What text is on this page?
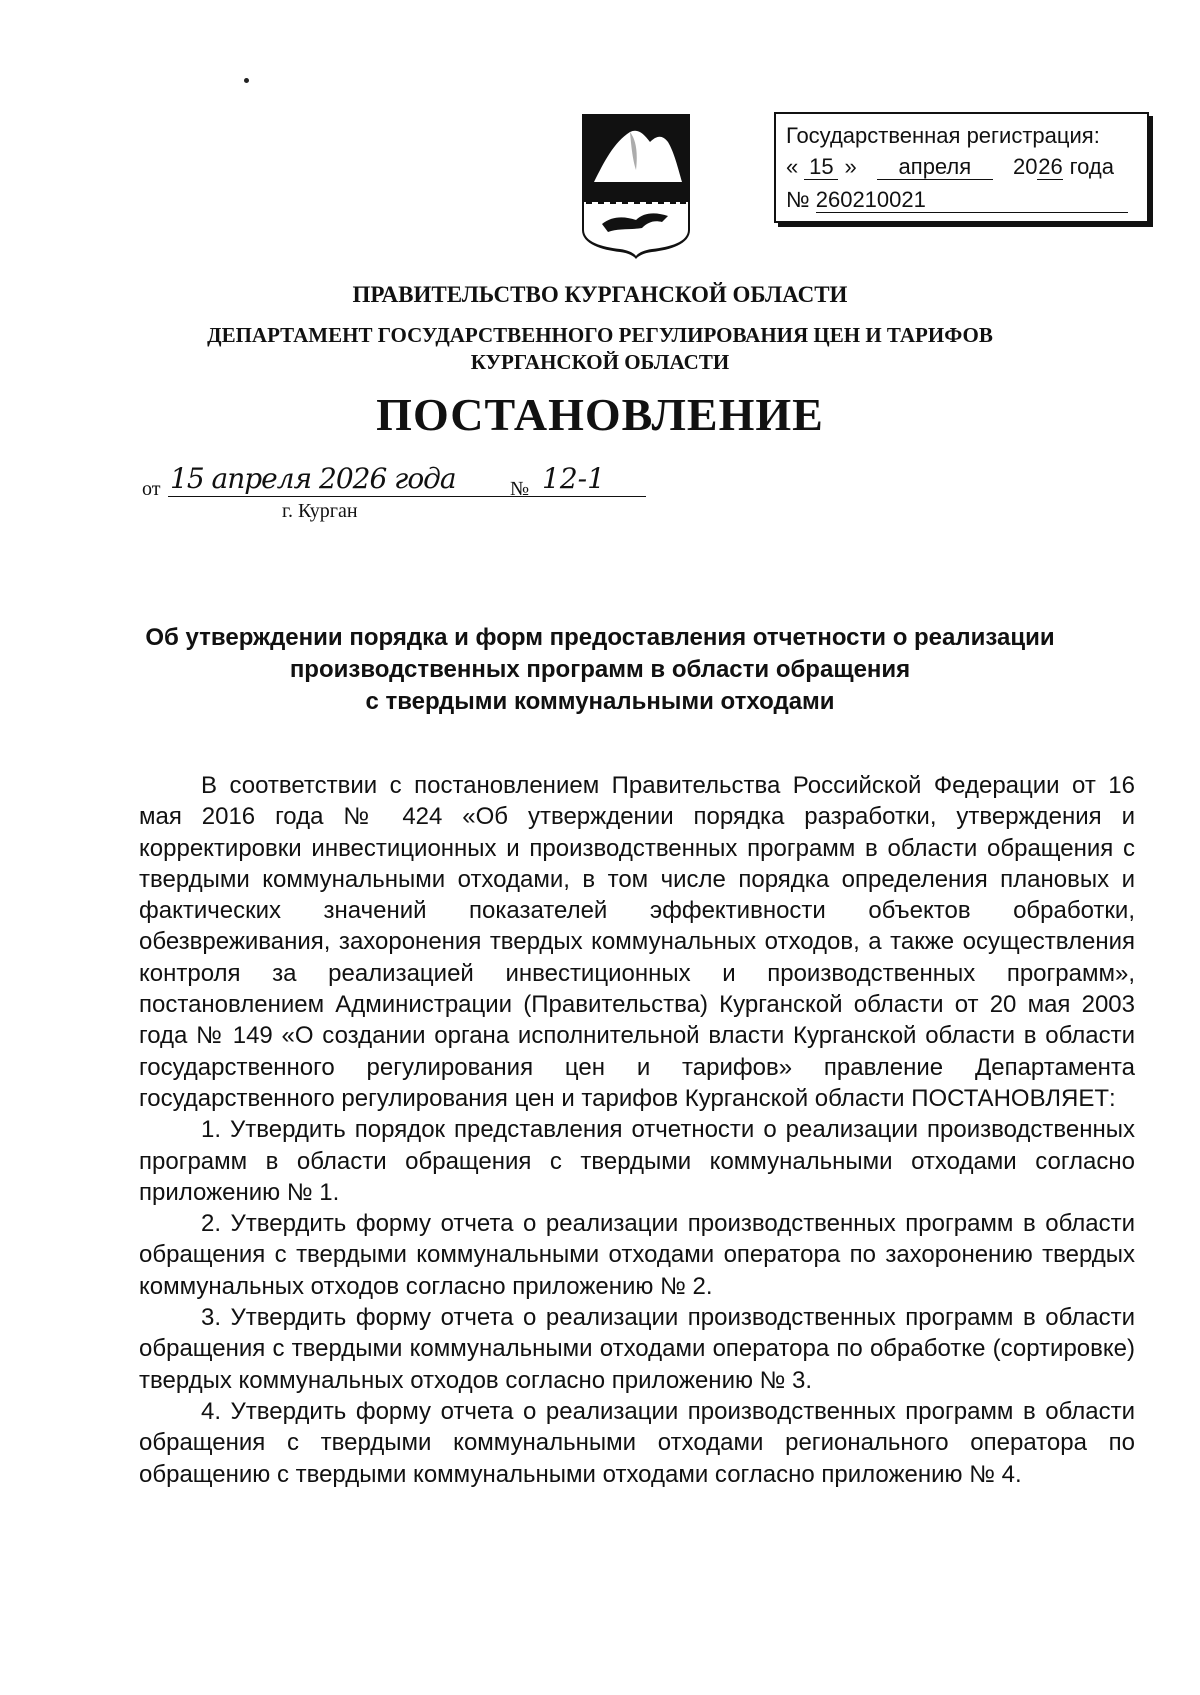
Государственная регистрация:
« 15 » апреля 2026 года
№ 260210021
ПРАВИТЕЛЬСТВО КУРГАНСКОЙ ОБЛАСТИ
ДЕПАРТАМЕНТ ГОСУДАРСТВЕННОГО РЕГУЛИРОВАНИЯ ЦЕН И ТАРИФОВ
КУРГАНСКОЙ ОБЛАСТИ
ПОСТАНОВЛЕНИЕ
от 15 апреля 2026 года	№ 12-1
г. Курган
Об утверждении порядка и форм предоставления отчетности о реализации
производственных программ в области обращения
с твердыми коммунальными отходами

В соответствии с постановлением Правительства Российской Федерации от 16 мая 2016 года № 424 «Об утверждении порядка разработки, утверждения и корректировки инвестиционных и производственных программ в области обращения с твердыми коммунальными отходами, в том числе порядка определения плановых и фактических значений показателей эффективности объектов обработки, обезвреживания, захоронения твердых коммунальных отходов, а также осуществления контроля за реализацией инвестиционных и производственных программ», постановлением Администрации (Правительства) Курганской области от 20 мая 2003 года № 149 «О создании органа исполнительной власти Курганской области в области государственного регулирования цен и тарифов» правление Департамента государственного регулирования цен и тарифов Курганской области ПОСТАНОВЛЯЕТ:

1. Утвердить порядок представления отчетности о реализации производственных программ в области обращения с твердыми коммунальными отходами согласно приложению № 1.

2. Утвердить форму отчета о реализации производственных программ в области обращения с твердыми коммунальными отходами оператора по захоронению твердых коммунальных отходов согласно приложению № 2.

3. Утвердить форму отчета о реализации производственных программ в области обращения с твердыми коммунальными отходами оператора по обработке (сортировке) твердых коммунальных отходов согласно приложению № 3.

4. Утвердить форму отчета о реализации производственных программ в области обращения с твердыми коммунальными отходами регионального оператора по обращению с твердыми коммунальными отходами согласно приложению № 4.
